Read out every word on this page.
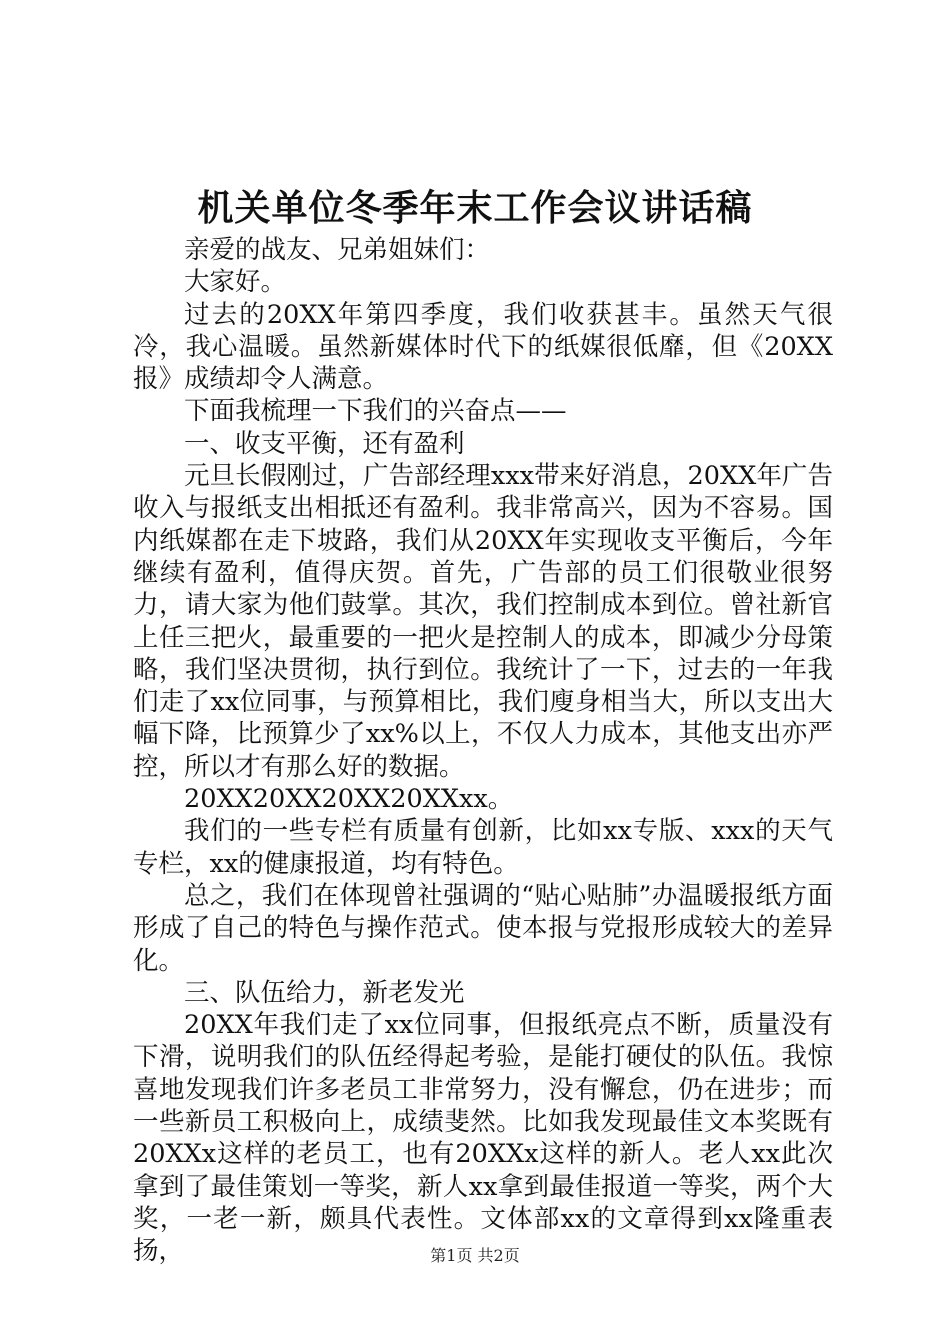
机关单位冬季年末工作会议讲话稿

亲爱的战友、兄弟姐妹们：

大家好。

过去的20XX年第四季度，我们收获甚丰。虽然天气很冷，我心温暖。虽然新媒体时代下的纸媒很低靡，但《20XX报》成绩却令人满意。

下面我梳理一下我们的兴奋点——

一、收支平衡，还有盈利

元旦长假刚过，广告部经理xxx带来好消息，20XX年广告收入与报纸支出相抵还有盈利。我非常高兴，因为不容易。国内纸媒都在走下坡路，我们从20XX年实现收支平衡后，今年继续有盈利，值得庆贺。首先，广告部的员工们很敬业很努力，请大家为他们鼓掌。其次，我们控制成本到位。曾社新官上任三把火，最重要的一把火是控制人的成本，即减少分母策略，我们坚决贯彻，执行到位。我统计了一下，过去的一年我们走了xx位同事，与预算相比，我们廋身相当大，所以支出大幅下降，比预算少了xx%以上，不仅人力成本，其他支出亦严控，所以才有那么好的数据。

20XX20XX20XX20XXxx。

我们的一些专栏有质量有创新，比如xx专版、xxx的天气专栏，xx的健康报道，均有特色。

总之，我们在体现曾社强调的“贴心贴肺”办温暖报纸方面形成了自己的特色与操作范式。使本报与党报形成较大的差异化。

三、队伍给力，新老发光

20XX年我们走了xx位同事，但报纸亮点不断，质量没有下滑，说明我们的队伍经得起考验，是能打硬仗的队伍。我惊喜地发现我们许多老员工非常努力，没有懈怠，仍在进步；而一些新员工积极向上，成绩斐然。比如我发现最佳文本奖既有20XXx这样的老员工，也有20XXx这样的新人。老人xx此次拿到了最佳策划一等奖，新人xx拿到最佳报道一等奖，两个大奖，一老一新，颇具代表性。文体部xx的文章得到xx隆重表扬，	第1页 共2页
